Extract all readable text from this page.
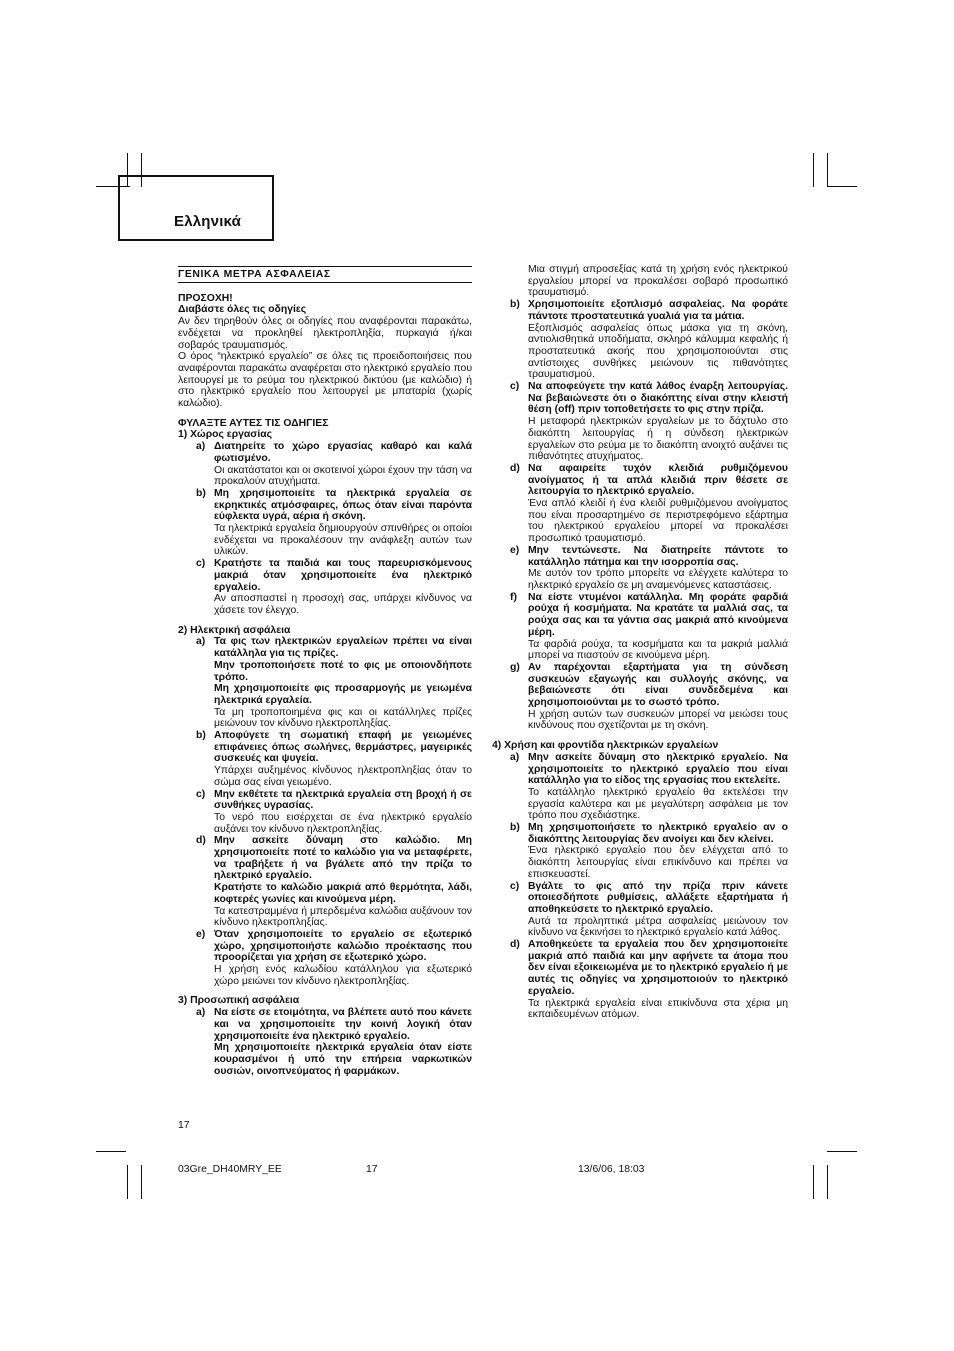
Ελληνικά
ΓΕΝΙΚΑ ΜΕΤΡΑ ΑΣΦΑΛΕΙΑΣ

ΠΡΟΣΟΧΗ!

Διαβάστε όλες τις οδηγίες

Αν δεν τηρηθούν όλες οι οδηγίες που αναφέρονται παρακάτω, ενδέχεται να προκληθεί ηλεκτροπληξία, πυρκαγιά ή/και σοβαρός τραυματισμός.

Ο όρος “ηλεκτρικό εργαλείο” σε όλες τις προειδοποιήσεις που αναφέρονται παρακάτω αναφέρεται στο ηλεκτρικό εργαλείο που λειτουργεί με το ρεύμα του ηλεκτρικού δικτύου (με καλώδιο) ή στο ηλεκτρικό εργαλείο που λειτουργεί με μπαταρία (χωρίς καλώδιο).

ΦΥΛΑΞΤΕ ΑΥΤΕΣ ΤΙΣ ΟΔΗΓΙΕΣ

1) Χώρος εργασίας

a) Διατηρείτε το χώρο εργασίας καθαρό και καλά φωτισμένο.

Οι ακατάστατοι και οι σκοτεινοί χώροι έχουν την τάση να προκαλούν ατυχήματα.

b) Μη χρησιμοποιείτε τα ηλεκτρικά εργαλεία σε εκρηκτικές ατμόσφαιρες, όπως όταν είναι παρόντα εύφλεκτα υγρά, αέρια ή σκόνη.

Τα ηλεκτρικά εργαλεία δημιουργούν σπινθήρες οι οποίοι ενδέχεται να προκαλέσουν την ανάφλεξη αυτών των υλικών.

c) Κρατήστε τα παιδιά και τους παρευρισκόμενους μακριά όταν χρησιμοποιείτε ένα ηλεκτρικό εργαλείο.

Αν αποσπαστεί η προσοχή σας, υπάρχει κίνδυνος να χάσετε τον έλεγχο.

2) Ηλεκτρική ασφάλεια

a) Τα φις των ηλεκτρικών εργαλείων πρέπει να είναι κατάλληλα για τις πρίζες.

Μην τροποποιήσετε ποτέ το φις με οποιονδήποτε τρόπο.

Μη χρησιμοποιείτε φις προσαρμογής με γειωμένα ηλεκτρικά εργαλεία.

Τα μη τροποποιημένα φις και οι κατάλληλες πρίζες μειώνουν τον κίνδυνο ηλεκτροπληξίας.

b) Αποφύγετε τη σωματική επαφή με γειωμένες επιφάνειες όπως σωλήνες, θερμάστρες, μαγειρικές συσκευές και ψυγεία.

Υπάρχει αυξημένος κίνδυνος ηλεκτροπληξίας όταν το σώμα σας είναι γειωμένο.

c) Μην εκθέτετε τα ηλεκτρικά εργαλεία στη βροχή ή σε συνθήκες υγρασίας.

Το νερό που εισέρχεται σε ένα ηλεκτρικό εργαλείο αυξάνει τον κίνδυνο ηλεκτροπληξίας.

d) Μην ασκείτε δύναμη στο καλώδιο. Μη χρησιμοποιείτε ποτέ το καλώδιο για να μεταφέρετε, να τραβήξετε ή να βγάλετε από την πρίζα το ηλεκτρικό εργαλείο.

Κρατήστε το καλώδιο μακριά από θερμότητα, λάδι, κοφτερές γωνίες και κινούμενα μέρη.

Τα κατεστραμμένα ή μπερδεμένα καλώδια αυξάνουν τον κίνδυνο ηλεκτροπληξίας.

e) Όταν χρησιμοποιείτε το εργαλείο σε εξωτερικό χώρο, χρησιμοποιήστε καλώδιο προέκτασης που προορίζεται για χρήση σε εξωτερικό χώρο.

Η χρήση ενός καλωδίου κατάλληλου για εξωτερικό χώρο μειώνει τον κίνδυνο ηλεκτροπληξίας.

3) Προσωπική ασφάλεια

a) Να είστε σε ετοιμότητα, να βλέπετε αυτό που κάνετε και να χρησιμοποιείτε την κοινή λογική όταν χρησιμοποιείτε ένα ηλεκτρικό εργαλείο.

Μη χρησιμοποιείτε ηλεκτρικά εργαλεία όταν είστε κουρασμένοι ή υπό την επήρεια ναρκωτικών ουσιών, οινοπνεύματος ή φαρμάκων.

Μια στιγμή απροσεξίας κατά τη χρήση ενός ηλεκτρικού εργαλείου μπορεί να προκαλέσει σοβαρό προσωπικό τραυματισμό.

b) Χρησιμοποιείτε εξοπλισμό ασφαλείας. Να φοράτε πάντοτε προστατευτικά γυαλιά για τα μάτια.

Εξοπλισμός ασφαλείας όπως μάσκα για τη σκόνη, αντιολισθητικά υποδήματα, σκληρό κάλυμμα κεφαλής ή προστατευτικά ακοής που χρησιμοποιούνται στις αντίστοιχες συνθήκες μειώνουν τις πιθανότητες τραυματισμού.

c) Να αποφεύγετε την κατά λάθος έναρξη λειτουργίας. Να βεβαιώνεστε ότι ο διακόπτης είναι στην κλειστή θέση (off) πριν τοποθετήσετε το φις στην πρίζα.

Η μεταφορά ηλεκτρικών εργαλείων με το δάχτυλο στο διακόπτη λειτουργίας ή η σύνδεση ηλεκτρικών εργαλείων στο ρεύμα με το διακόπτη ανοιχτό αυξάνει τις πιθανότητες ατυχήματος.

d) Να αφαιρείτε τυχόν κλειδιά ρυθμιζόμενου ανοίγματος ή τα απλά κλειδιά πριν θέσετε σε λειτουργία το ηλεκτρικό εργαλείο.

Ένα απλό κλειδί ή ένα κλειδί ρυθμιζόμενου ανοίγματος που είναι προσαρτημένο σε περιστρεφόμενο εξάρτημα του ηλεκτρικού εργαλείου μπορεί να προκαλέσει προσωπικό τραυματισμό.

e) Μην τεντώνεστε. Να διατηρείτε πάντοτε το κατάλληλο πάτημα και την ισορροπία σας.

Με αυτόν τον τρόπο μπορείτε να ελέγχετε καλύτερα το ηλεκτρικό εργαλείο σε μη αναμενόμενες καταστάσεις.

f)	Να είστε ντυμένοι κατάλληλα. Μη φοράτε φαρδιά ρούχα ή κοσμήματα. Να κρατάτε τα μαλλιά σας, τα ρούχα σας και τα γάντια σας μακριά από κινούμενα μέρη.

Τα φαρδιά ρούχα, τα κοσμήματα και τα μακριά μαλλιά μπορεί να πιαστούν σε κινούμενα μέρη.

g) Αν παρέχονται εξαρτήματα για τη σύνδεση συσκευών εξαγωγής και συλλογής σκόνης, να βεβαιώνεστε ότι είναι συνδεδεμένα και χρησιμοποιούνται με το σωστό τρόπο.

Η χρήση αυτών των συσκευών μπορεί να μειώσει τους κινδύνους που σχετίζονται με τη σκόνη.

4) Χρήση και φροντίδα ηλεκτρικών εργαλείων

a) Μην ασκείτε δύναμη στο ηλεκτρικό εργαλείο. Να χρησιμοποιείτε το ηλεκτρικό εργαλείο που είναι κατάλληλο για το είδος της εργασίας που εκτελείτε.

Το κατάλληλο ηλεκτρικό εργαλείο θα εκτελέσει την εργασία καλύτερα και με μεγαλύτερη ασφάλεια με τον τρόπο που σχεδιάστηκε.

b) Μη χρησιμοποιήσετε το ηλεκτρικό εργαλείο αν ο διακόπτης λειτουργίας δεν ανοίγει και δεν κλείνει.

Ένα ηλεκτρικό εργαλείο που δεν ελέγχεται από το διακόπτη λειτουργίας είναι επικίνδυνο και πρέπει να επισκευαστεί.

c) Βγάλτε το φις από την πρίζα πριν κάνετε οποιεσδήποτε ρυθμίσεις, αλλάξετε εξαρτήματα ή αποθηκεύσετε το ηλεκτρικό εργαλείο.

Αυτά τα προληπτικά μέτρα ασφαλείας μειώνουν τον κίνδυνο να ξεκινήσει το ηλεκτρικό εργαλείο κατά λάθος.

d) Αποθηκεύετε τα εργαλεία που δεν χρησιμοποιείτε μακριά από παιδιά και μην αφήνετε τα άτομα που δεν είναι εξοικειωμένα με το ηλεκτρικό εργαλείο ή με αυτές τις οδηγίες να χρησιμοποιούν το ηλεκτρικό εργαλείο.

Τα ηλεκτρικά εργαλεία είναι επικίνδυνα στα χέρια μη εκπαιδευμένων ατόμων.

17
03Gre_DH40MRY_EE	17	13/6/06, 18:03
